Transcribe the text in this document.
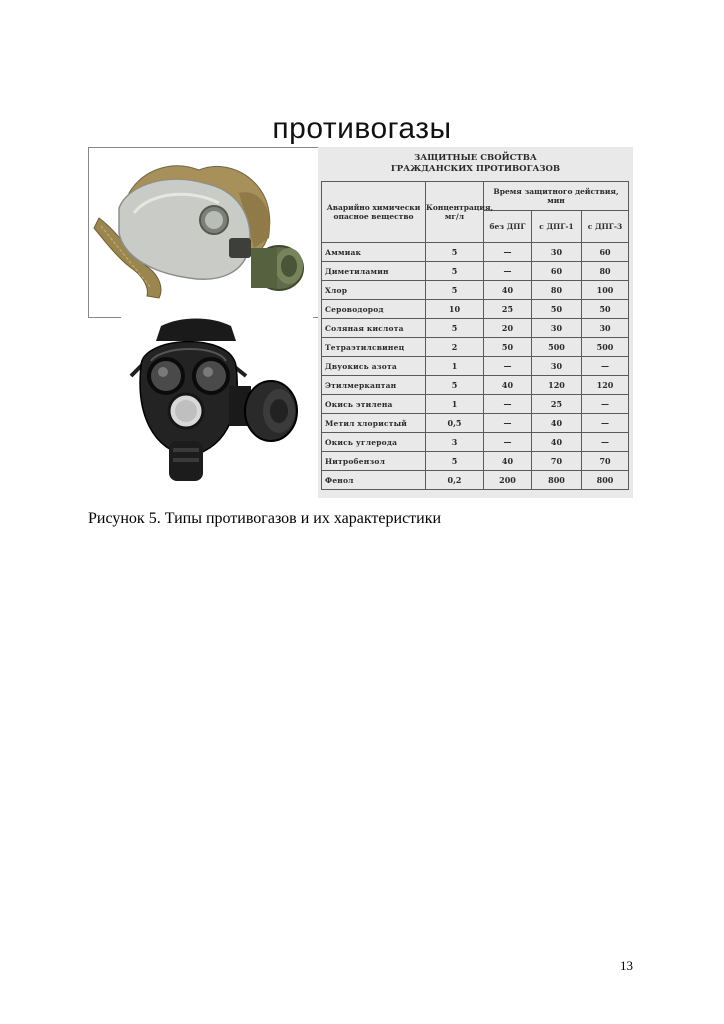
противогазы
ЗАЩИТНЫЕ СВОЙСТВА
ГРАЖДАНСКИХ ПРОТИВОГАЗОВ
Аварийно химически опасное вещество	Концентрация, мг/л	Время защитного действия, мин		
		без ДПГ	с ДПГ-1	с ДПГ-3
Аммиак	5	—	30	60
Диметиламин	5	—	60	80
Хлор	5	40	80	100
Сероводород	10	25	50	50
Соляная кислота	5	20	30	30
Тетраэтилсвинец	2	50	500	500
Двуокись азота	1	—	30	—
Этилмеркаптан	5	40	120	120
Окись этилена	1	—	25	—
Метил хлористый	0,5	—	40	—
Окись углерода	3	—	40	—
Нитробензол	5	40	70	70
Фенол	0,2	200	800	800
Рисунок 5. Типы противогазов и их характеристики
13
